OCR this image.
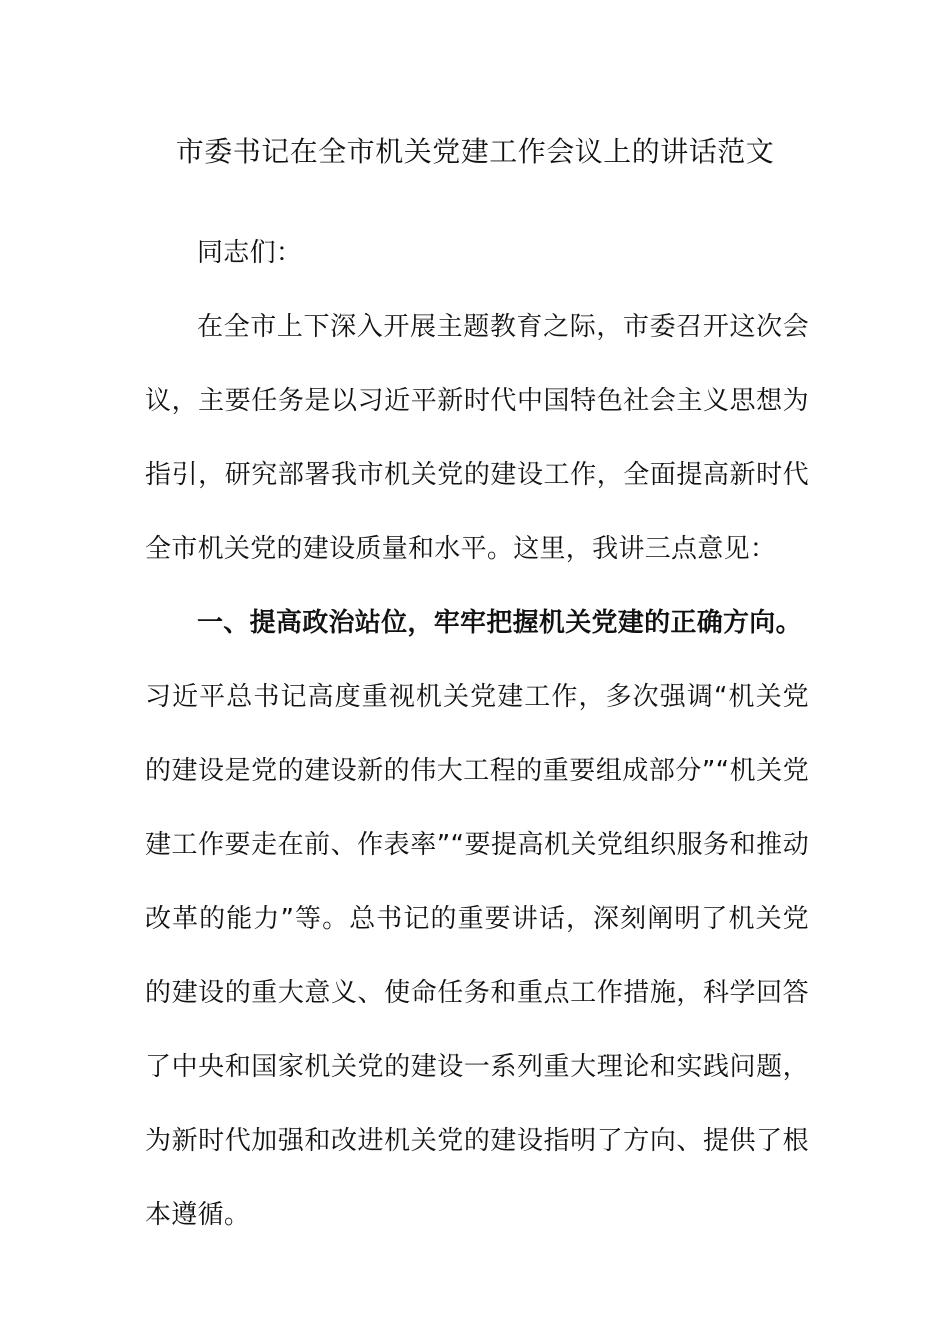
市委书记在全市机关党建工作会议上的讲话范文

同志们：

在全市上下深入开展主题教育之际，市委召开这次会议，主要任务是以习近平新时代中国特色社会主义思想为指引，研究部署我市机关党的建设工作，全面提高新时代全市机关党的建设质量和水平。这里，我讲三点意见：

一、提高政治站位，牢牢把握机关党建的正确方向。习近平总书记高度重视机关党建工作，多次强调“机关党的建设是党的建设新的伟大工程的重要组成部分”“机关党建工作要走在前、作表率”“要提高机关党组织服务和推动改革的能力”等。总书记的重要讲话，深刻阐明了机关党的建设的重大意义、使命任务和重点工作措施，科学回答了中央和国家机关党的建设一系列重大理论和实践问题，为新时代加强和改进机关党的建设指明了方向、提供了根本遵循。
